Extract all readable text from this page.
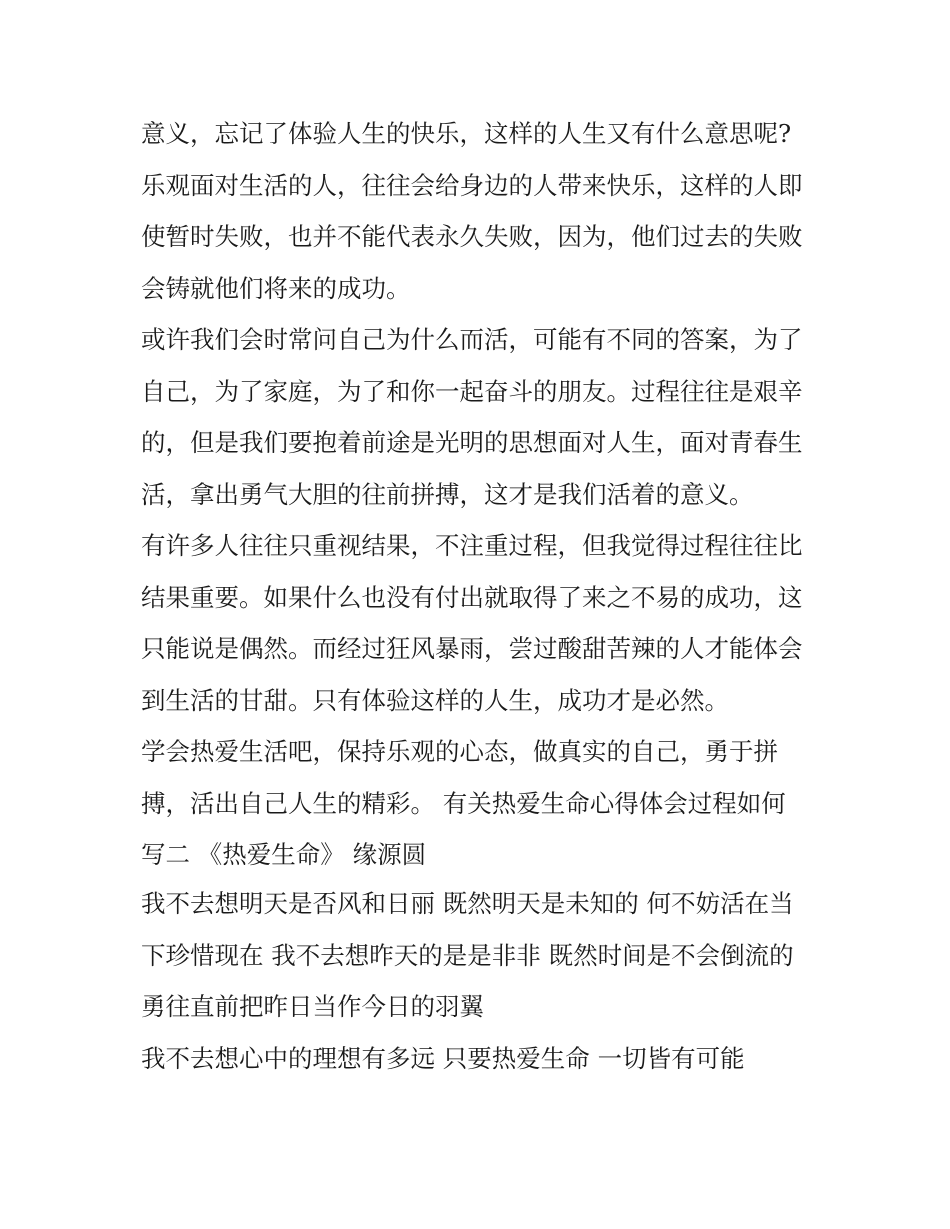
意义，忘记了体验人生的快乐，这样的人生又有什么意思呢?
乐观面对生活的人，往往会给身边的人带来快乐，这样的人即
使暂时失败，也并不能代表永久失败，因为，他们过去的失败
会铸就他们将来的成功。
或许我们会时常问自己为什么而活，可能有不同的答案，为了
自己，为了家庭，为了和你一起奋斗的朋友。过程往往是艰辛
的，但是我们要抱着前途是光明的思想面对人生，面对青春生
活，拿出勇气大胆的往前拼搏，这才是我们活着的意义。
有许多人往往只重视结果，不注重过程，但我觉得过程往往比
结果重要。如果什么也没有付出就取得了来之不易的成功，这
只能说是偶然。而经过狂风暴雨，尝过酸甜苦辣的人才能体会
到生活的甘甜。只有体验这样的人生，成功才是必然。
学会热爱生活吧，保持乐观的心态，做真实的自己，勇于拼
搏，活出自己人生的精彩。 有关热爱生命心得体会过程如何
写二 《热爱生命》 缘源圆
我不去想明天是否风和日丽 既然明天是未知的 何不妨活在当
下珍惜现在 我不去想昨天的是是非非 既然时间是不会倒流的
勇往直前把昨日当作今日的羽翼
我不去想心中的理想有多远 只要热爱生命 一切皆有可能
